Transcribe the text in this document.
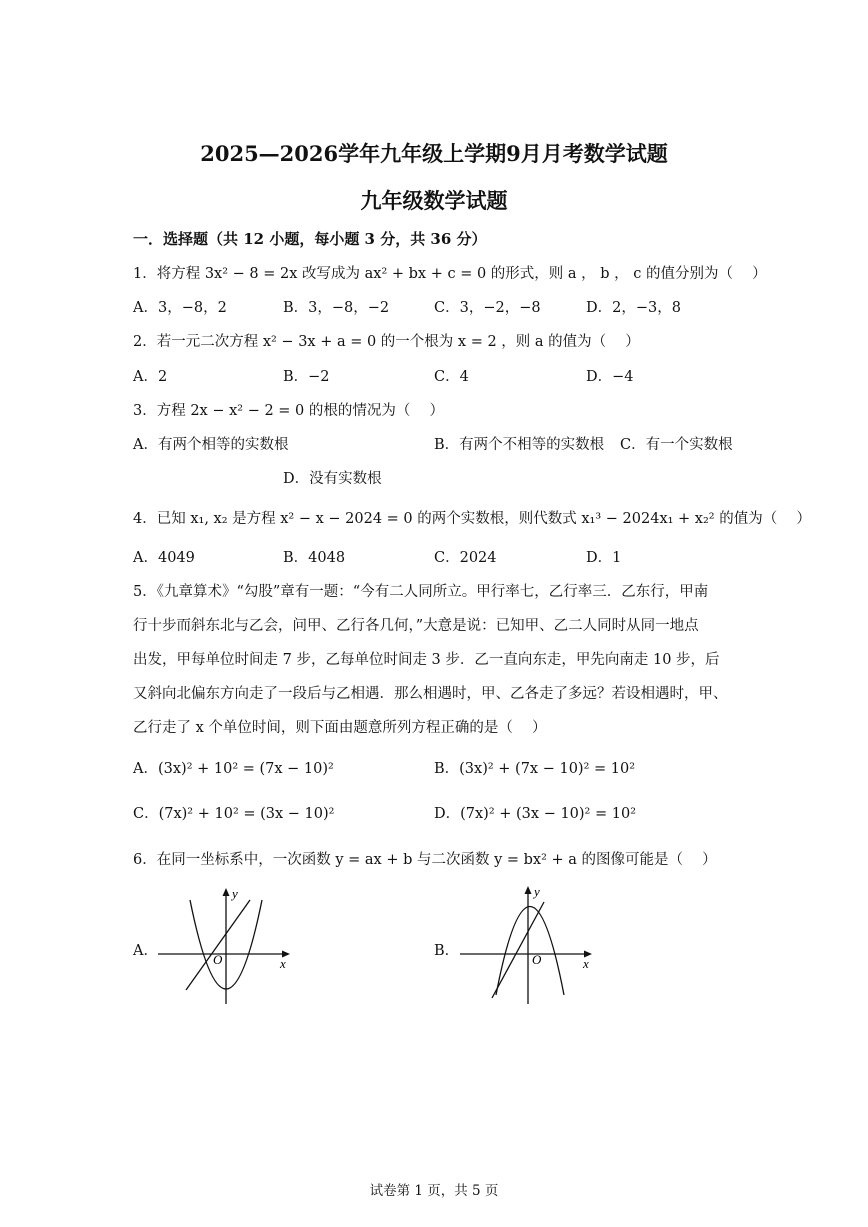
2025—2026学年九年级上学期9月月考数学试题
九年级数学试题
一．选择题（共 12 小题，每小题 3 分，共 36 分）
1．将方程 3x² − 8 = 2x 改写成为 ax² + bx + c = 0 的形式，则 a ， b ， c 的值分别为（　 ）
A．3，−8，2	B．3，−8，−2	C．3，−2，−8	D．2，−3，8
2．若一元二次方程 x² − 3x + a = 0 的一个根为 x = 2 ，则 a 的值为（　 ）
A．2	B．−2	C．4	D．−4
3．方程 2x − x² − 2 = 0 的根的情况为（　 ）
A．有两个相等的实数根	B．有两个不相等的实数根 C．有一个实数根
D．没有实数根
4．已知 x₁, x₂ 是方程 x² − x − 2024 = 0 的两个实数根，则代数式 x₁³ − 2024x₁ + x₂² 的值为（　 ）
A．4049	B．4048	C．2024	D．1
5．《九章算术》“勾股”章有一题：“今有二人同所立。甲行率七，乙行率三．乙东行，甲南
行十步而斜东北与乙会，问甲、乙行各几何，”大意是说：已知甲、乙二人同时从同一地点
出发，甲每单位时间走 7 步，乙每单位时间走 3 步．乙一直向东走，甲先向南走 10 步，后
又斜向北偏东方向走了一段后与乙相遇．那么相遇时，甲、乙各走了多远？若设相遇时，甲、
乙行走了 x 个单位时间，则下面由题意所列方程正确的是（　 ）
A．(3x)² + 10² = (7x − 10)²	B．(3x)² + (7x − 10)² = 10²
C．(7x)² + 10² = (3x − 10)²	D．(7x)² + (3x − 10)² = 10²
6．在同一坐标系中，一次函数 y = ax + b 与二次函数 y = bx² + a 的图像可能是（　 ）
A．	B．
y
x
O
y
x
O
试卷第 1 页，共 5 页
